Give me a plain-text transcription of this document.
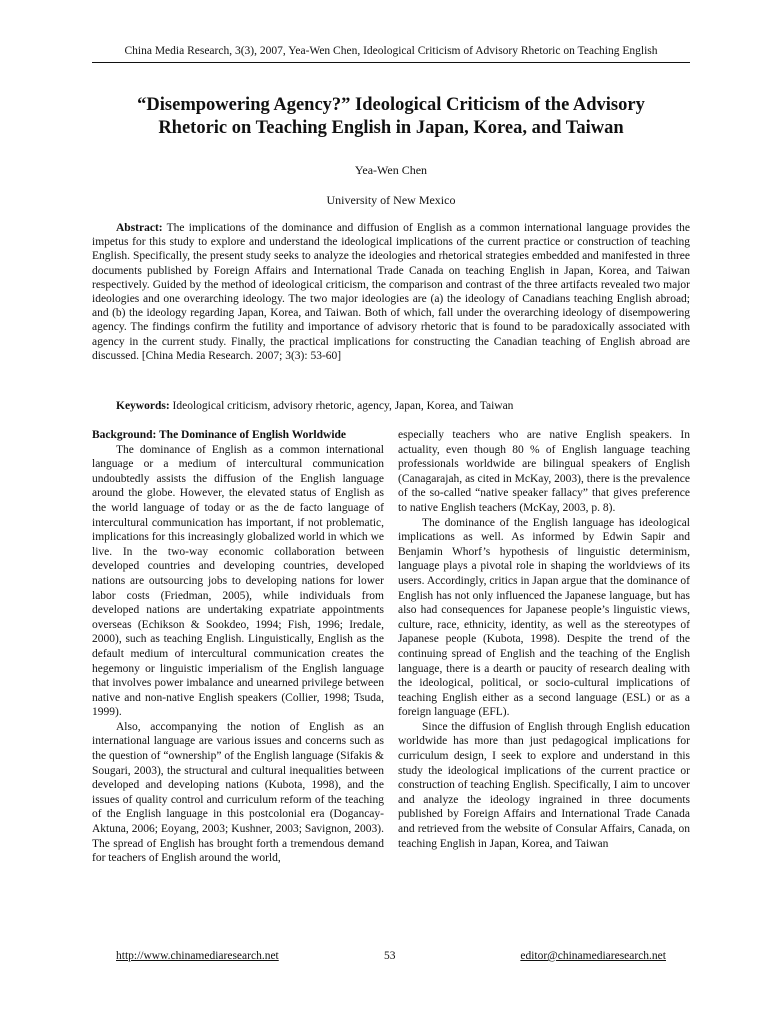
China Media Research, 3(3), 2007, Yea-Wen Chen, Ideological Criticism of Advisory Rhetoric on Teaching English
“Disempowering Agency?” Ideological Criticism of the Advisory
Rhetoric on Teaching English in Japan, Korea, and Taiwan
Yea-Wen Chen
University of New Mexico

Abstract: The implications of the dominance and diffusion of English as a common international language provides the impetus for this study to explore and understand the ideological implications of the current practice or construction of teaching English. Specifically, the present study seeks to analyze the ideologies and rhetorical strategies embedded and manifested in three documents published by Foreign Affairs and International Trade Canada on teaching English in Japan, Korea, and Taiwan respectively. Guided by the method of ideological criticism, the comparison and contrast of the three artifacts revealed two major ideologies and one overarching ideology. The two major ideologies are (a) the ideology of Canadians teaching English abroad; and (b) the ideology regarding Japan, Korea, and Taiwan. Both of which, fall under the overarching ideology of disempowering agency. The findings confirm the futility and importance of advisory rhetoric that is found to be paradoxically associated with agency in the current study. Finally, the practical implications for constructing the Canadian teaching of English abroad are discussed. [China Media Research. 2007; 3(3): 53-60]

Keywords: Ideological criticism, advisory rhetoric, agency, Japan, Korea, and Taiwan

Background: The Dominance of English Worldwide

The dominance of English as a common international language or a medium of intercultural communication undoubtedly assists the diffusion of the English language around the globe. However, the elevated status of English as the world language of today or as the de facto language of intercultural communication has important, if not problematic, implications for this increasingly globalized world in which we live. In the two-way economic collaboration between developed countries and developing countries, developed nations are outsourcing jobs to developing nations for lower labor costs (Friedman, 2005), while individuals from developed nations are undertaking expatriate appointments overseas (Echikson & Sookdeo, 1994; Fish, 1996; Iredale, 2000), such as teaching English. Linguistically, English as the default medium of intercultural communication creates the hegemony or linguistic imperialism of the English language that involves power imbalance and unearned privilege between native and non-native English speakers (Collier, 1998; Tsuda, 1999).

Also, accompanying the notion of English as an international language are various issues and concerns such as the question of “ownership” of the English language (Sifakis & Sougari, 2003), the structural and cultural inequalities between developed and developing nations (Kubota, 1998), and the issues of quality control and curriculum reform of the teaching of the English language in this postcolonial era (Dogancay-Aktuna, 2006; Eoyang, 2003; Kushner, 2003; Savignon, 2003). The spread of English has brought forth a tremendous demand for teachers of English around the world,

especially teachers who are native English speakers. In actuality, even though 80 % of English language teaching professionals worldwide are bilingual speakers of English (Canagarajah, as cited in McKay, 2003), there is the prevalence of the so-called “native speaker fallacy” that gives preference to native English teachers (McKay, 2003, p. 8).

The dominance of the English language has ideological implications as well. As informed by Edwin Sapir and Benjamin Whorf’s hypothesis of linguistic determinism, language plays a pivotal role in shaping the worldviews of its users. Accordingly, critics in Japan argue that the dominance of English has not only influenced the Japanese language, but has also had consequences for Japanese people’s linguistic views, culture, race, ethnicity, identity, as well as the stereotypes of Japanese people (Kubota, 1998). Despite the trend of the continuing spread of English and the teaching of the English language, there is a dearth or paucity of research dealing with the ideological, political, or socio-cultural implications of teaching English either as a second language (ESL) or as a foreign language (EFL).

Since the diffusion of English through English education worldwide has more than just pedagogical implications for curriculum design, I seek to explore and understand in this study the ideological implications of the current practice or construction of teaching English. Specifically, I aim to uncover and analyze the ideology ingrained in three documents published by Foreign Affairs and International Trade Canada and retrieved from the website of Consular Affairs, Canada, on teaching English in Japan, Korea, and Taiwan

http://www.chinamediaresearch.net	53	editor@chinamediaresearch.net
